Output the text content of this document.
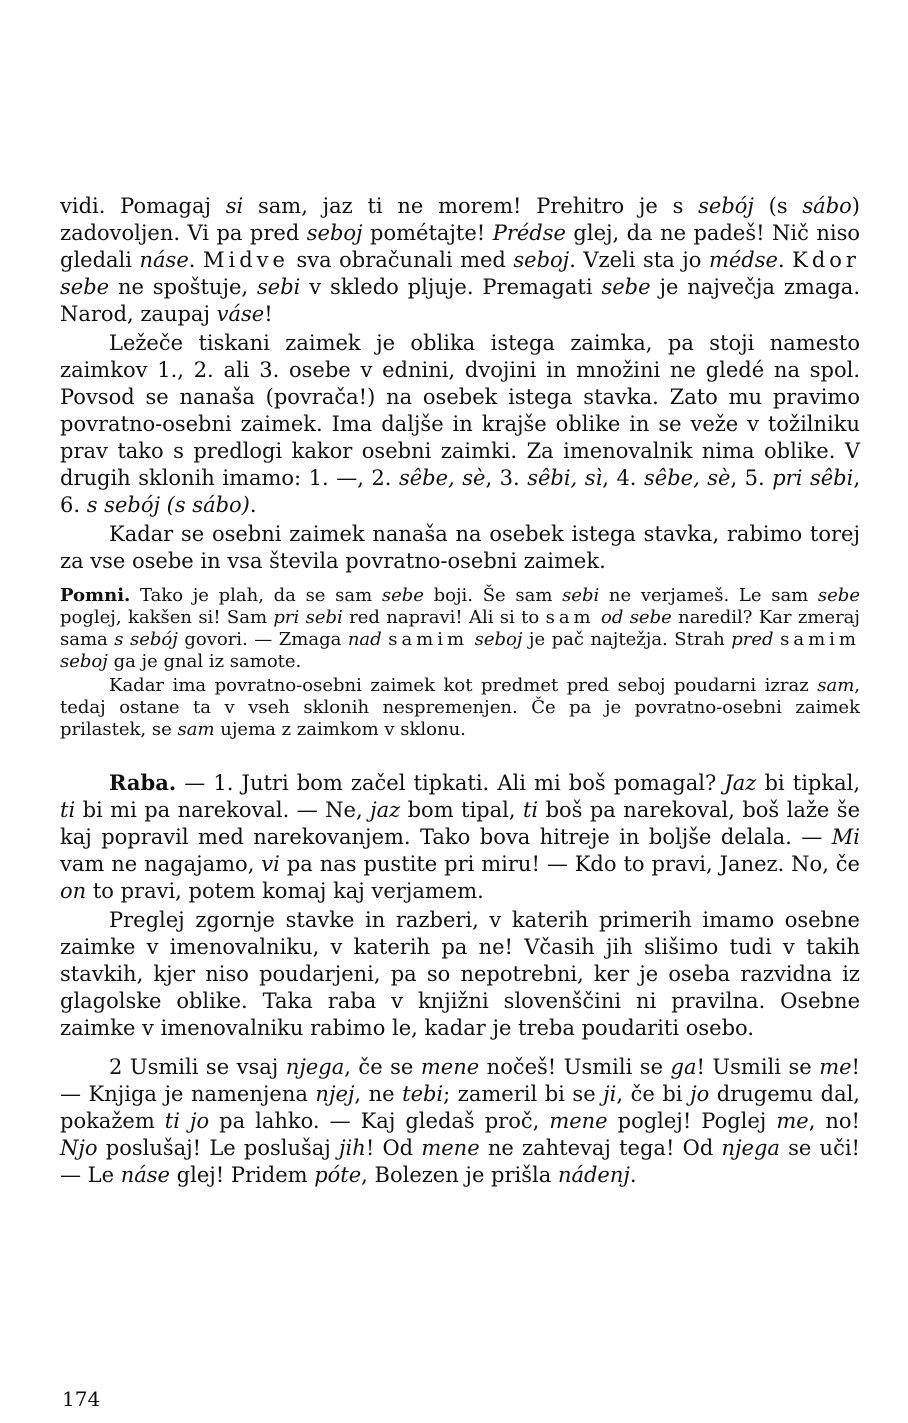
vidi. Pomagaj si sam, jaz ti ne morem! Prehitro je s sebój (s sábo) zadovoljen. Vi pa pred seboj pométajte! Prédse glej, da ne padeš! Nič niso gledali náse. Midve sva obračunali med seboj. Vzeli sta jo médse. Kdor sebe ne spoštuje, sebi v skledo pljuje. Premagati sebe je največja zmaga. Narod, zaupaj váse!

Ležeče tiskani zaimek je oblika istega zaimka, pa stoji namesto zaimkov 1., 2. ali 3. osebe v ednini, dvojini in množini ne gledé na spol. Povsod se nanaša (povrača!) na osebek istega stavka. Zato mu pravimo povratno-osebni zaimek. Ima daljše in krajše oblike in se veže v tožilniku prav tako s predlogi kakor osebni zaimki. Za imenovalnik nima oblike. V drugih sklonih imamo: 1. —, 2. sêbe, sè, 3. sêbi, sì, 4. sêbe, sè, 5. pri sêbi, 6. s sebój (s sábo).

Kadar se osebni zaimek nanaša na osebek istega stavka, rabimo torej za vse osebe in vsa števila povratno-osebni zaimek.

Pomni. Tako je plah, da se sam sebe boji. Še sam sebi ne verjameš. Le sam sebe poglej, kakšen si! Sam pri sebi red napravi! Ali si to sam od sebe naredil? Kar zmeraj sama s sebój govori. — Zmaga nad samim seboj je pač najtežja. Strah pred samim seboj ga je gnal iz samote.

Kadar ima povratno-osebni zaimek kot predmet pred seboj poudarni izraz sam, tedaj ostane ta v vseh sklonih nespremenjen. Če pa je povratno-osebni zaimek prilastek, se sam ujema z zaimkom v sklonu.

Raba. — 1. Jutri bom začel tipkati. Ali mi boš pomagal? Jaz bi tipkal, ti bi mi pa narekoval. — Ne, jaz bom tipal, ti boš pa narekoval, boš laže še kaj popravil med narekovanjem. Tako bova hitreje in boljše delala. — Mi vam ne nagajamo, vi pa nas pustite pri miru! — Kdo to pravi, Janez. No, če on to pravi, potem komaj kaj verjamem.

Preglej zgornje stavke in razberi, v katerih primerih imamo osebne zaimke v imenovalniku, v katerih pa ne! Včasih jih slišimo tudi v takih stavkih, kjer niso poudarjeni, pa so nepotrebni, ker je oseba razvidna iz glagolske oblike. Taka raba v knjižni slovenščini ni pravilna. Osebne zaimke v imenovalniku rabimo le, kadar je treba poudariti osebo.

2 Usmili se vsaj njega, če se mene nočeš! Usmili se ga! Usmili se me! — Knjiga je namenjena njej, ne tebi; zameril bi se ji, če bi jo drugemu dal, pokažem ti jo pa lahko. — Kaj gledaš proč, mene poglej! Poglej me, no! Njo poslušaj! Le poslušaj jih! Od mene ne zahtevaj tega! Od njega se uči! — Le náse glej! Pridem póte, Bolezen je prišla nádenj.

174
